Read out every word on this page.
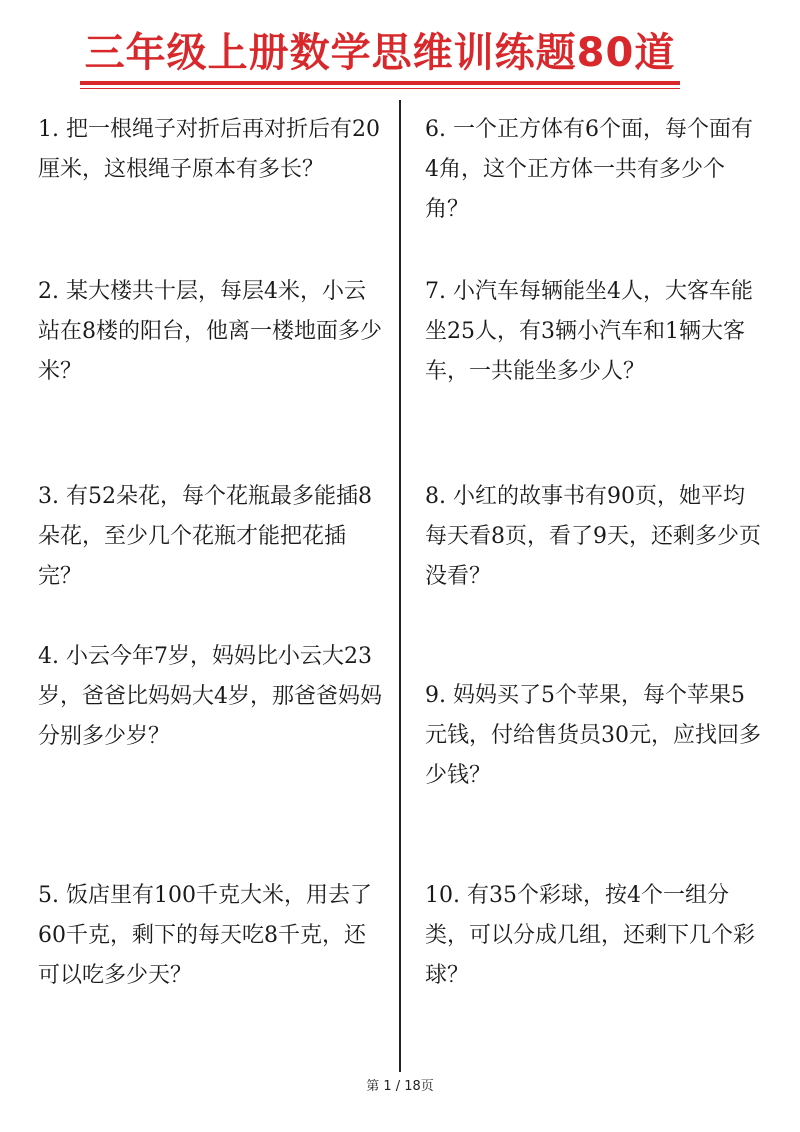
三年级上册数学思维训练题80道
1. 把一根绳子对折后再对折后有20厘米，这根绳子原本有多长？
2. 某大楼共十层，每层4米，小云站在8楼的阳台，他离一楼地面多少米？
3. 有52朵花，每个花瓶最多能插8朵花，至少几个花瓶才能把花插完？
4. 小云今年7岁，妈妈比小云大23岁，爸爸比妈妈大4岁，那爸爸妈妈分别多少岁？
5. 饭店里有100千克大米，用去了60千克，剩下的每天吃8千克，还可以吃多少天？
6. 一个正方体有6个面，每个面有4角，这个正方体一共有多少个角？
7. 小汽车每辆能坐4人，大客车能坐25人，有3辆小汽车和1辆大客车，一共能坐多少人？
8. 小红的故事书有90页，她平均每天看8页，看了9天，还剩多少页没看？
9. 妈妈买了5个苹果，每个苹果5元钱，付给售货员30元，应找回多少钱？
10. 有35个彩球，按4个一组分类，可以分成几组，还剩下几个彩球？
第 1 / 18页
